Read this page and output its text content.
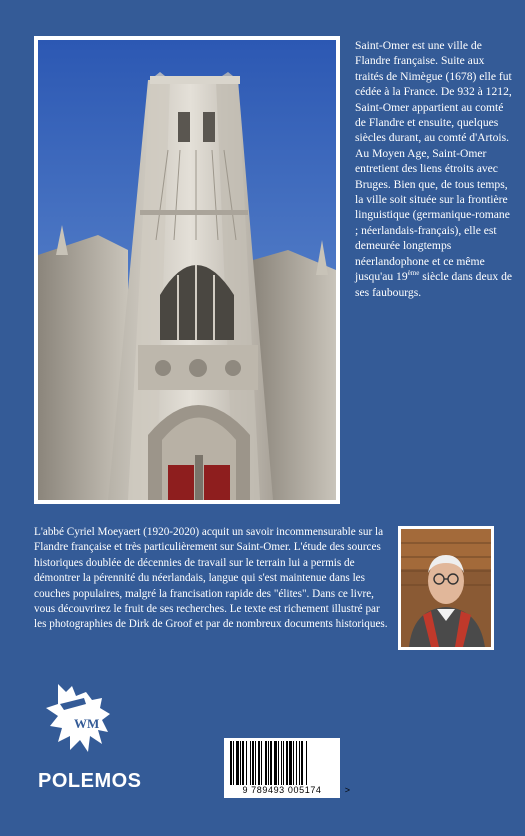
Saint-Omer est une ville de Flandre française. Suite aux traités de Nimègue (1678) elle fut cédée à la France. De 932 à 1212, Saint-Omer appartient au comté de Flandre et ensuite, quelques siècles durant, au comté d'Artois. Au Moyen Age, Saint-Omer entretient des liens étroits avec Bruges. Bien que, de tous temps, la ville soit située sur la frontière linguistique (germanique-romane ; néerlandais-français), elle est demeurée longtemps néerlandophone et ce même jusqu'au 19ème siècle dans deux de ses faubourgs.

L'abbé Cyriel Moeyaert (1920-2020) acquit un savoir incommensurable sur la Flandre française et très particulièrement sur Saint-Omer. L'étude des sources historiques doublée de décennies de travail sur le terrain lui a permis de démontrer la pérennité du néerlandais, langue qui s'est maintenue dans les couches populaires, malgré la francisation rapide des "élites". Dans ce livre, vous découvrirez le fruit de ses recherches. Le texte est richement illustré par les photographies de Dirk de Groof et par de nombreux documents historiques.

WM
POLEMOS	9 789493 005174	>
